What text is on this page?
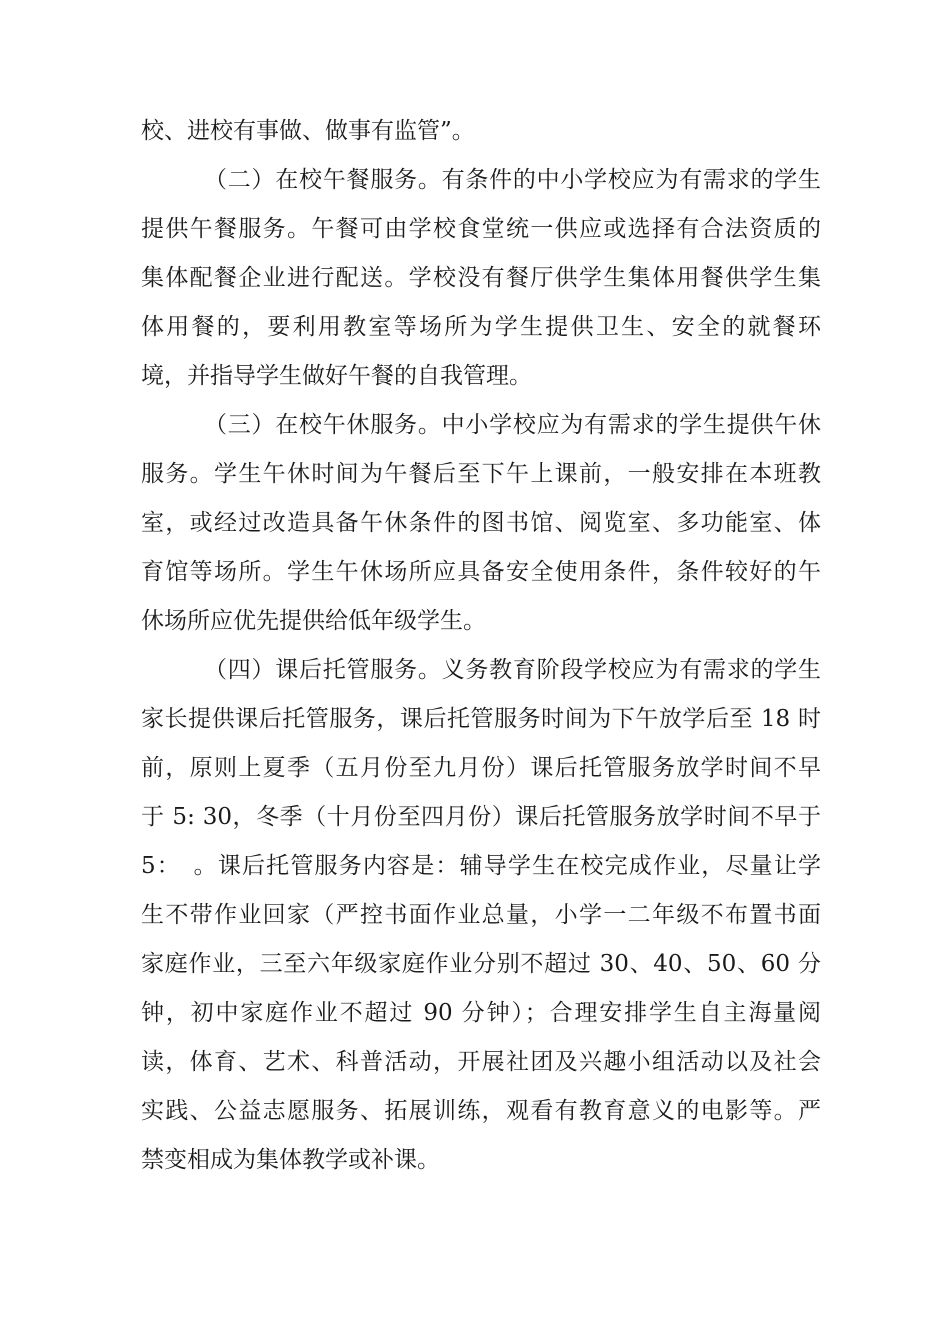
校、进校有事做、做事有监管”。
（二）在校午餐服务。有条件的中小学校应为有需求的学生
提供午餐服务。午餐可由学校食堂统一供应或选择有合法资质的
集体配餐企业进行配送。学校没有餐厅供学生集体用餐供学生集
体用餐的，要利用教室等场所为学生提供卫生、安全的就餐环
境，并指导学生做好午餐的自我管理。
（三）在校午休服务。中小学校应为有需求的学生提供午休
服务。学生午休时间为午餐后至下午上课前，一般安排在本班教
室，或经过改造具备午休条件的图书馆、阅览室、多功能室、体
育馆等场所。学生午休场所应具备安全使用条件，条件较好的午
休场所应优先提供给低年级学生。
（四）课后托管服务。义务教育阶段学校应为有需求的学生
家长提供课后托管服务，课后托管服务时间为下午放学后至 18 时
前，原则上夏季（五月份至九月份）课后托管服务放学时间不早
于 5: 30，冬季（十月份至四月份）课后托管服务放学时间不早于
5：　。课后托管服务内容是：辅导学生在校完成作业，尽量让学
生不带作业回家（严控书面作业总量，小学一二年级不布置书面
家庭作业，三至六年级家庭作业分别不超过 30、40、50、60 分
钟，初中家庭作业不超过 90 分钟）；合理安排学生自主海量阅
读，体育、艺术、科普活动，开展社团及兴趣小组活动以及社会
实践、公益志愿服务、拓展训练，观看有教育意义的电影等。严
禁变相成为集体教学或补课。
